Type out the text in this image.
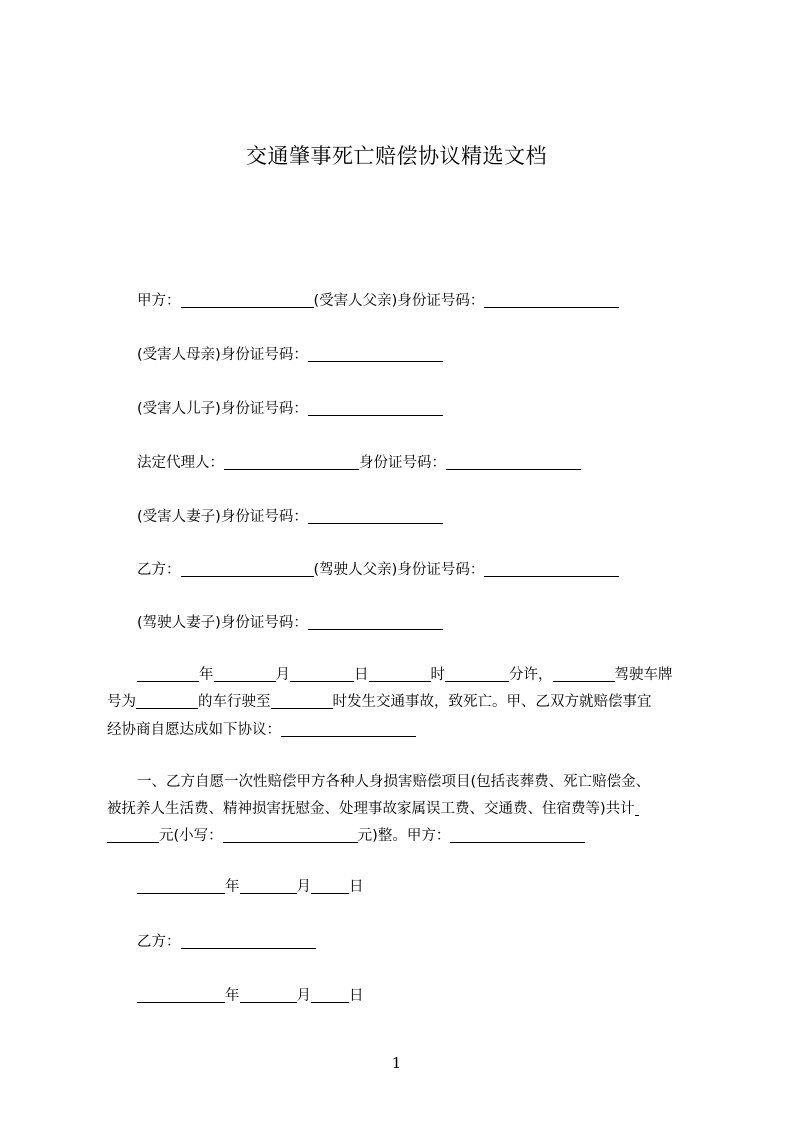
交通肇事死亡赔偿协议精选文档
甲方：	(受害人父亲)身份证号码：
(受害人母亲)身份证号码：
(受害人儿子)身份证号码：
法定代理人：	身份证号码：
(受害人妻子)身份证号码：
乙方：	(驾驶人父亲)身份证号码：
(驾驶人妻子)身份证号码：
年	月	日	时	分许，	驾驶车牌
号为	的车行驶至	时发生交通事故，致死亡。甲、乙双方就赔偿事宜
经协商自愿达成如下协议：
一、乙方自愿一次性赔偿甲方各种人身损害赔偿项目(包括丧葬费、死亡赔偿金、
被抚养人生活费、精神损害抚慰金、处理事故家属误工费、交通费、住宿费等)共计
元(小写：	元)整。甲方：
年	月	日
乙方：
年	月	日
1
